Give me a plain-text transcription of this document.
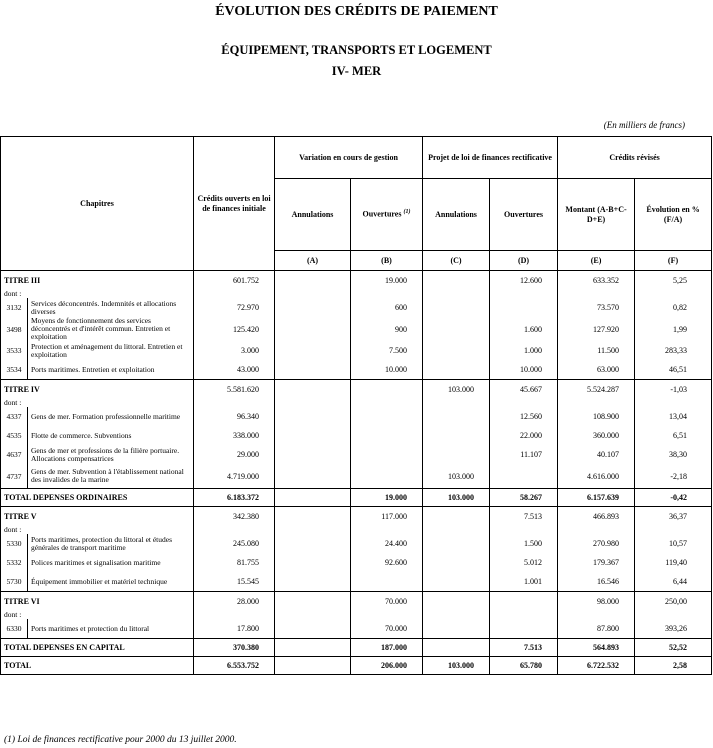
ÉVOLUTION DES CRÉDITS DE PAIEMENT
ÉQUIPEMENT, TRANSPORTS ET LOGEMENT
IV- MER
(En milliers de francs)
Chapitres	Crédits ouverts en loi de finances initiale	Variation en cours de gestion		Projet de loi de finances rectificative		Crédits révisés	
		Annulations	Ouvertures $^{(1)}$	Annulations	Ouvertures	Montant (A-B+C-D+E)	Évolution en % (F/A)
		(A)	(B)	(C)	(D)	(E)	(F)
TITRE III		601.752		19.000		12.600	633.352	5,25
dont :								
3132	Services déconcentrés. Indemnités et allocations diverses	72.970		600			73.570	0,82
3498	Moyens de fonctionnement des services déconcentrés et d'intérêt commun. Entretien et exploitation	125.420		900		1.600	127.920	1,99
3533	Protection et aménagement du littoral. Entretien et exploitation	3.000		7.500		1.000	11.500	283,33
3534	Ports maritimes. Entretien et exploitation	43.000		10.000		10.000	63.000	46,51
TITRE IV		5.581.620			103.000	45.667	5.524.287	-1,03
dont :								
4337	Gens de mer. Formation professionnelle maritime	96.340				12.560	108.900	13,04
4535	Flotte de commerce. Subventions	338.000				22.000	360.000	6,51
4637	Gens de mer et professions de la filière portuaire. Allocations compensatrices	29.000				11.107	40.107	38,30
4737	Gens de mer. Subvention à l'établissement national des invalides de la marine	4.719.000			103.000		4.616.000	-2,18
TOTAL DEPENSES ORDINAIRES		6.183.372		19.000	103.000	58.267	6.157.639	-0,42
TITRE V		342.380		117.000		7.513	466.893	36,37
dont :								
5330	Ports maritimes, protection du littoral et études générales de transport maritime	245.080		24.400		1.500	270.980	10,57
5332	Polices maritimes et signalisation maritime	81.755		92.600		5.012	179.367	119,40
5730	Équipement immobilier et matériel technique	15.545				1.001	16.546	6,44
TITRE VI		28.000		70.000			98.000	250,00
dont :								
6330	Ports maritimes et protection du littoral	17.800		70.000			87.800	393,26
TOTAL DEPENSES EN CAPITAL		370.380		187.000		7.513	564.893	52,52
TOTAL		6.553.752		206.000	103.000	65.780	6.722.532	2,58
(1) Loi de finances rectificative pour 2000 du 13 juillet 2000.
